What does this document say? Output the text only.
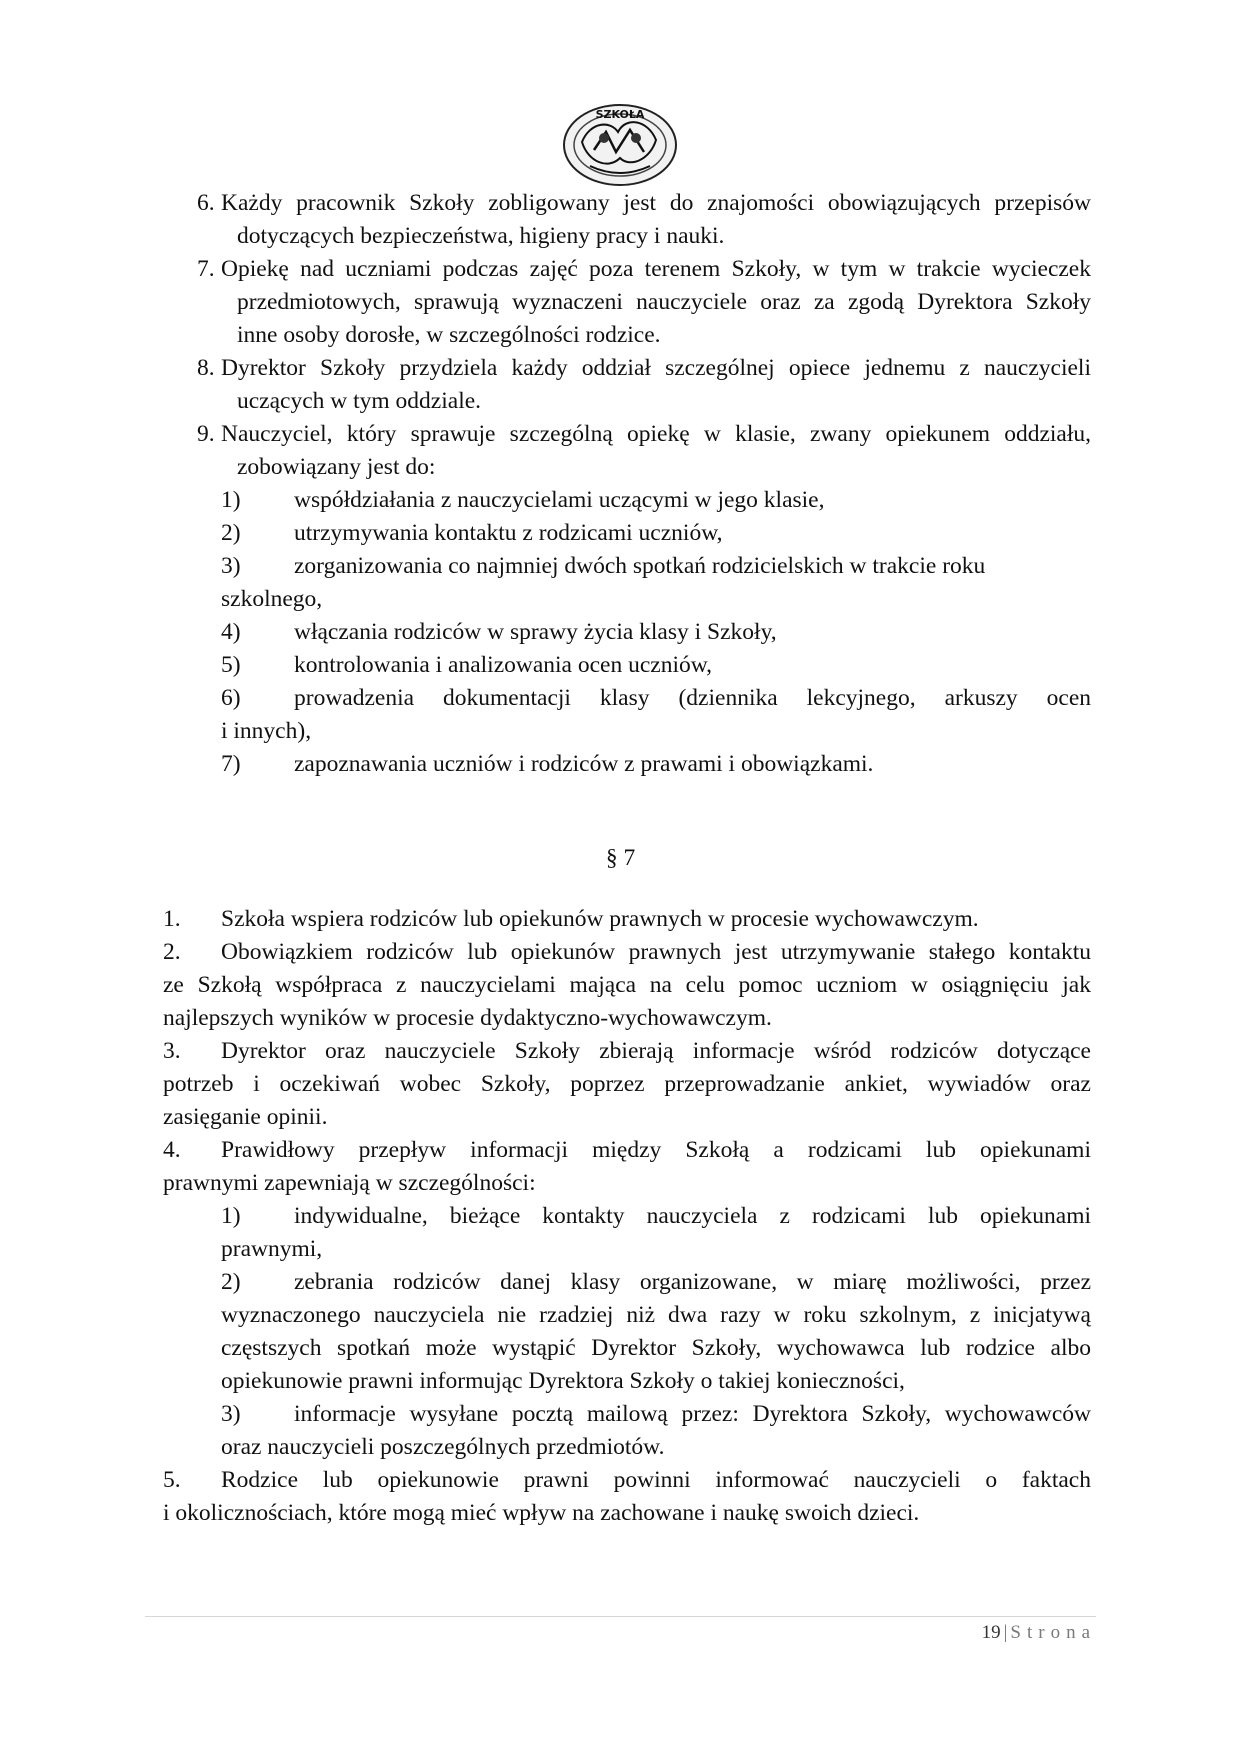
SZKOŁA
6. Każdy pracownik Szkoły zobligowany jest do znajomości obowiązujących przepisów
dotyczących bezpieczeństwa, higieny pracy i nauki.
7. Opiekę nad uczniami podczas zajęć poza terenem Szkoły, w tym w trakcie wycieczek
przedmiotowych, sprawują wyznaczeni nauczyciele oraz za zgodą Dyrektora Szkoły
inne osoby dorosłe, w szczególności rodzice.
8. Dyrektor Szkoły przydziela każdy oddział szczególnej opiece jednemu z nauczycieli
uczących w tym oddziale.
9. Nauczyciel, który sprawuje szczególną opiekę w klasie, zwany opiekunem oddziału,
zobowiązany jest do:
1) współdziałania z nauczycielami uczącymi w jego klasie,
2) utrzymywania kontaktu z rodzicami uczniów,
3) zorganizowania co najmniej dwóch spotkań rodzicielskich w trakcie roku
szkolnego,
4) włączania rodziców w sprawy życia klasy i Szkoły,
5) kontrolowania i analizowania ocen uczniów,
6) prowadzenia dokumentacji klasy (dziennika lekcyjnego, arkuszy ocen
i innych),
7) zapoznawania uczniów i rodziców z prawami i obowiązkami.
§ 7
1. Szkoła wspiera rodziców lub opiekunów prawnych w procesie wychowawczym.
2. Obowiązkiem rodziców lub opiekunów prawnych jest utrzymywanie stałego kontaktu
ze Szkołą współpraca z nauczycielami mająca na celu pomoc uczniom w osiągnięciu jak
najlepszych wyników w procesie dydaktyczno-wychowawczym.
3. Dyrektor oraz nauczyciele Szkoły zbierają informacje wśród rodziców dotyczące
potrzeb i oczekiwań wobec Szkoły, poprzez przeprowadzanie ankiet, wywiadów oraz
zasięganie opinii.
4. Prawidłowy przepływ informacji między Szkołą a rodzicami lub opiekunami
prawnymi zapewniają w szczególności:
1) indywidualne, bieżące kontakty nauczyciela z rodzicami lub opiekunami
prawnymi,
2) zebrania rodziców danej klasy organizowane, w miarę możliwości, przez
wyznaczonego nauczyciela nie rzadziej niż dwa razy w roku szkolnym, z inicjatywą
częstszych spotkań może wystąpić Dyrektor Szkoły, wychowawca lub rodzice albo
opiekunowie prawni informując Dyrektora Szkoły o takiej konieczności,
3) informacje wysyłane pocztą mailową przez: Dyrektora Szkoły, wychowawców
oraz nauczycieli poszczególnych przedmiotów.
5. Rodzice lub opiekunowie prawni powinni informować nauczycieli o faktach
i okolicznościach, które mogą mieć wpływ na zachowane i naukę swoich dzieci.
19 | Strona
